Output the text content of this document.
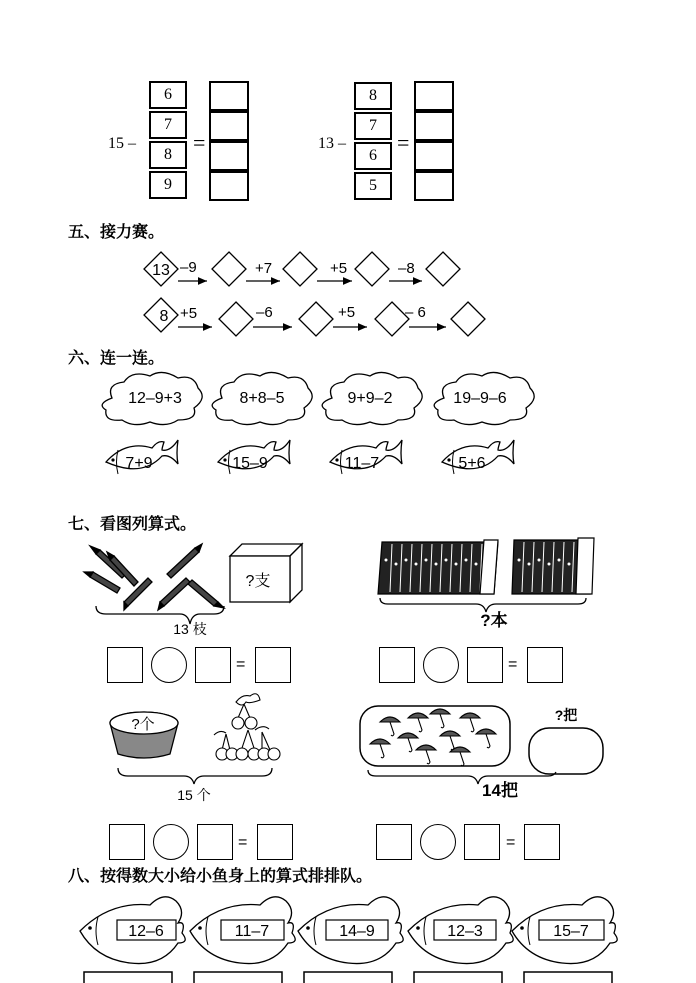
15 –
6
7
8
9
=	13 –
8
7
6
5
=
五、接力赛。
13 –9	+7	+5	–8
8 +5	–6	+5	– 6
六、连一连。
12–9+3	8+8–5	9+9–2	19–9–6
7+9	15–9	11–7	5+6
七、看图列算式。
?支
13 枝	?本
?个
15 个
?把
14把
=	=
=	=
八、按得数大小给小鱼身上的算式排排队。
12–6	11–7	14–9	12–3	15–7
